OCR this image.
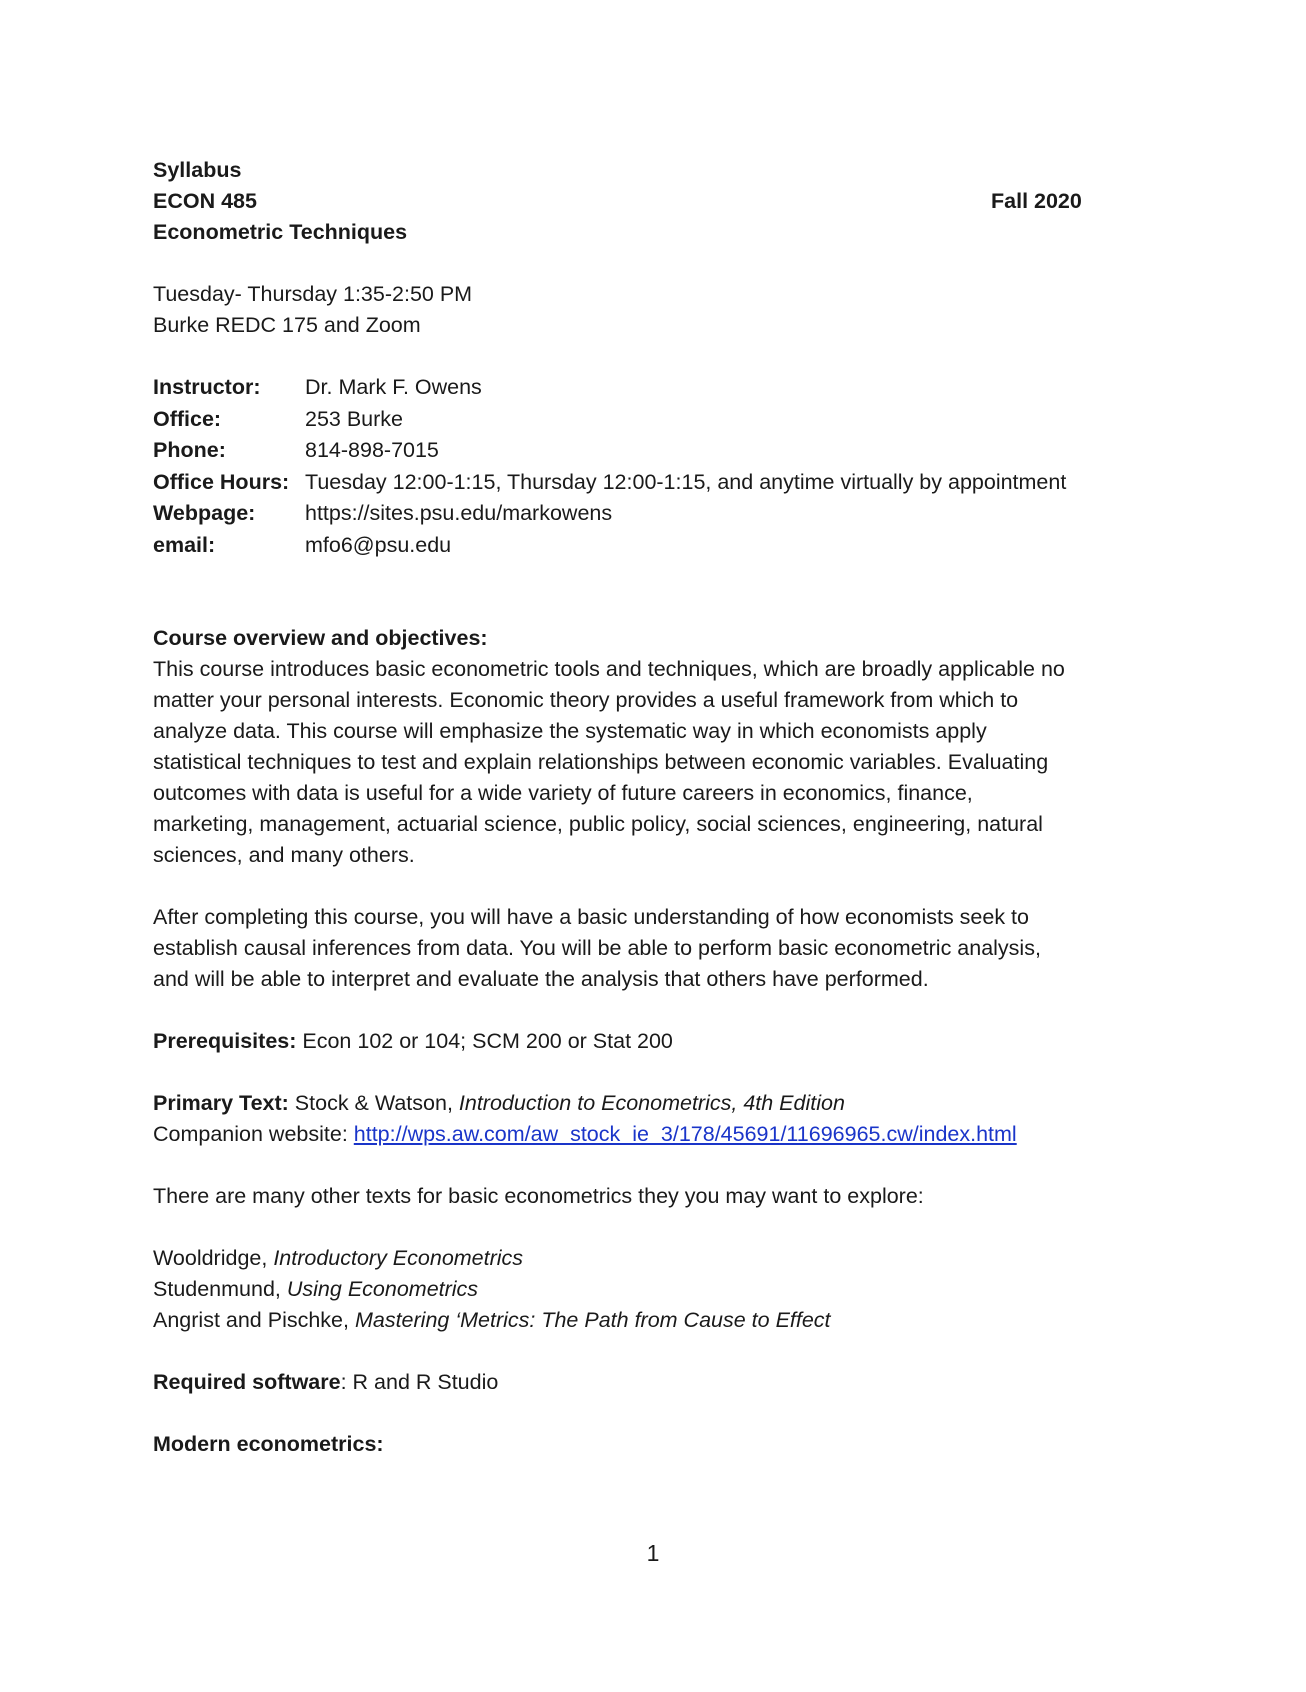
Syllabus
ECON 485	Fall 2020
Econometric Techniques
Tuesday- Thursday 1:35-2:50 PM
Burke REDC 175 and Zoom
Instructor:	Dr. Mark F. Owens
Office:	253 Burke
Phone:	814-898-7015
Office Hours: Tuesday 12:00-1:15, Thursday 12:00-1:15, and anytime virtually by appointment
Webpage:	https://sites.psu.edu/markowens
email:	mfo6@psu.edu
Course overview and objectives:
This course introduces basic econometric tools and techniques, which are broadly applicable no
matter your personal interests. Economic theory provides a useful framework from which to
analyze data. This course will emphasize the systematic way in which economists apply
statistical techniques to test and explain relationships between economic variables. Evaluating
outcomes with data is useful for a wide variety of future careers in economics, finance,
marketing, management, actuarial science, public policy, social sciences, engineering, natural
sciences, and many others.
After completing this course, you will have a basic understanding of how economists seek to
establish causal inferences from data. You will be able to perform basic econometric analysis,
and will be able to interpret and evaluate the analysis that others have performed.
Prerequisites: Econ 102 or 104; SCM 200 or Stat 200
Primary Text: Stock & Watson, Introduction to Econometrics, 4th Edition
Companion website: http://wps.aw.com/aw_stock_ie_3/178/45691/11696965.cw/index.html
There are many other texts for basic econometrics they you may want to explore:
Wooldridge, Introductory Econometrics
Studenmund, Using Econometrics
Angrist and Pischke, Mastering ‘Metrics: The Path from Cause to Effect
Required software: R and R Studio
Modern econometrics:
1
